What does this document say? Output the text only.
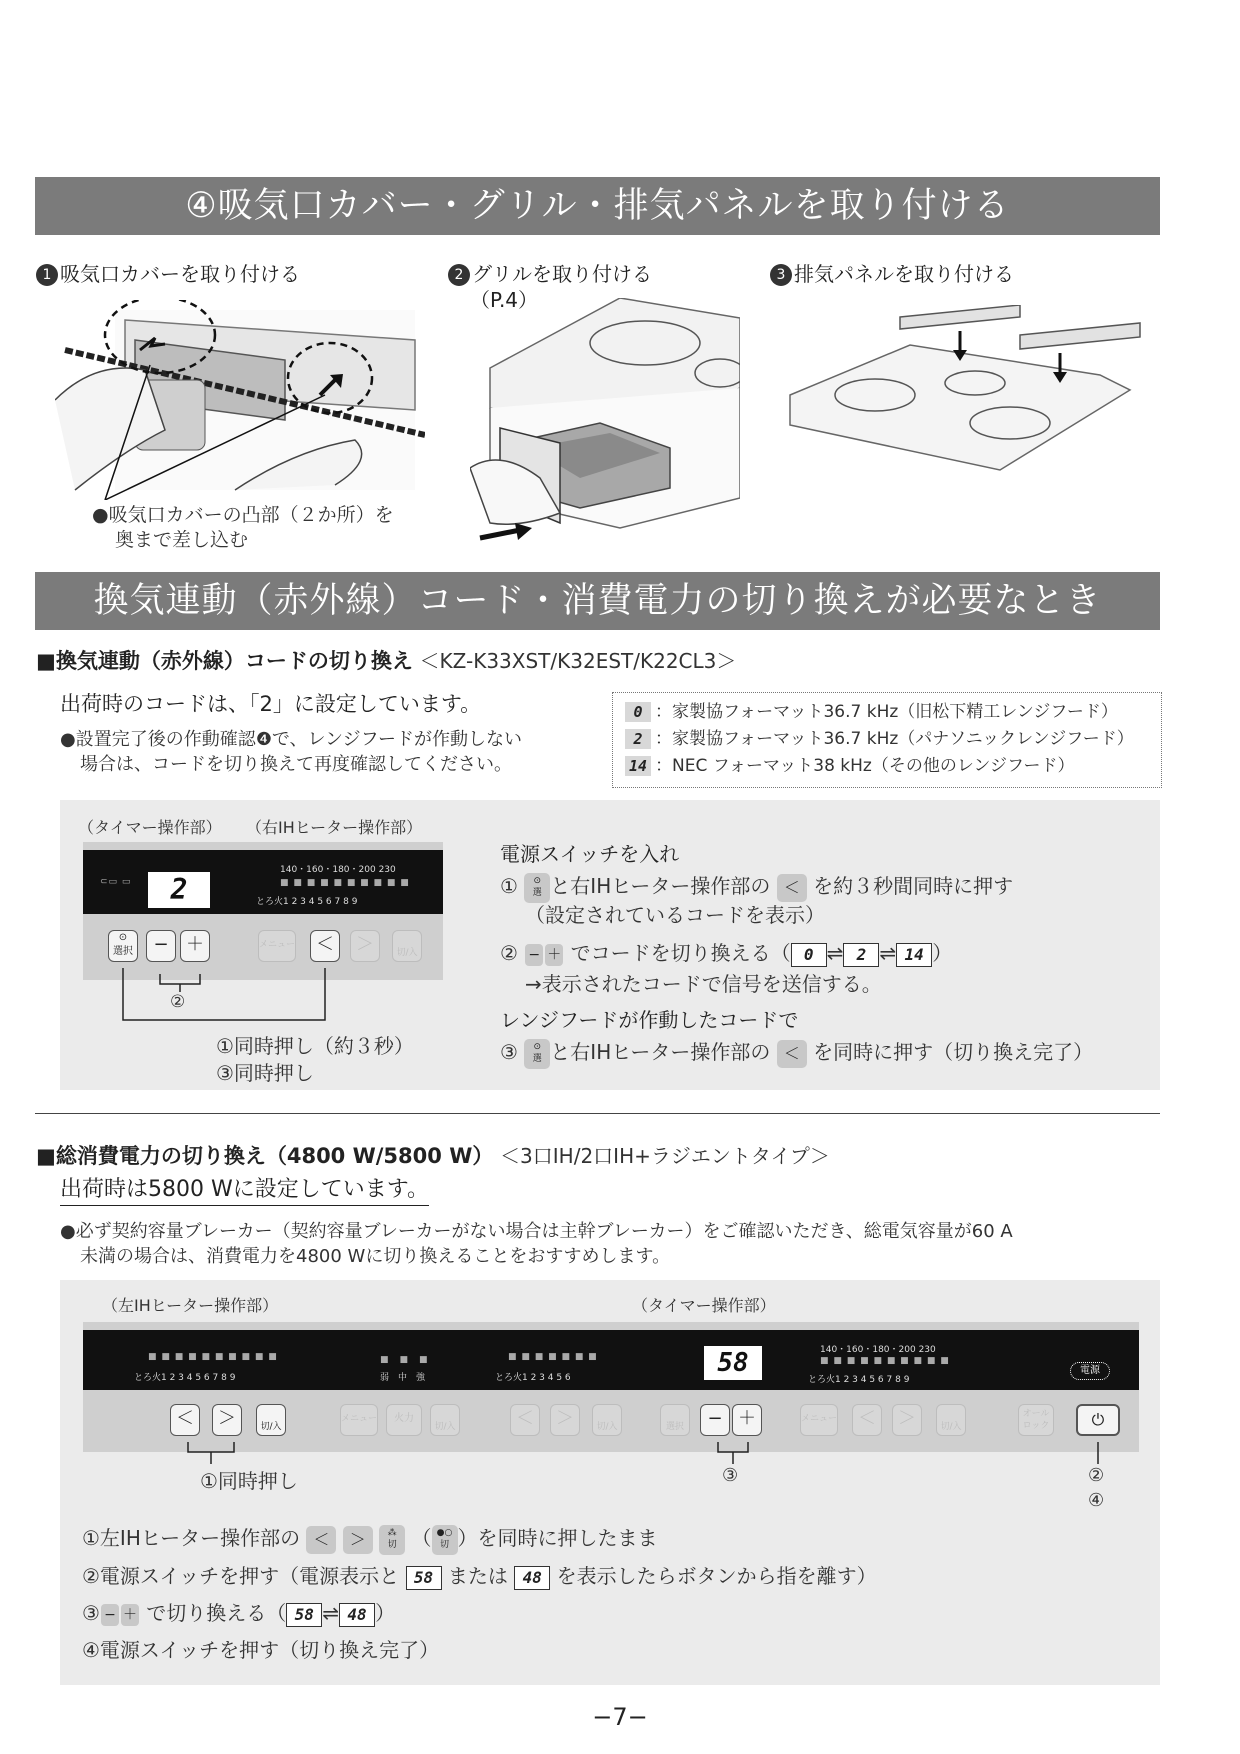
④吸気口カバー・グリル・排気パネルを取り付ける
1 吸気口カバーを取り付ける	2 グリルを取り付ける
（P.4）
3 排気パネルを取り付ける
●吸気口カバーの凸部（２か所）を
奥まで差し込む
換気連動（赤外線）コード・消費電力の切り換えが必要なとき
■換気連動（赤外線）コードの切り換え ＜KZ-K33XST/K32EST/K22CL3＞
出荷時のコードは、「2」に設定しています。
●設置完了後の作動確認❹で、レンジフードが作動しない
場合は、コードを切り換えて再度確認してください。
0 ：家製協フォーマット36.7 kHz（旧松下精工レンジフード）
2 ：家製協フォーマット36.7 kHz（パナソニックレンジフード）
14 ：NEC フォーマット38 kHz（その他のレンジフード）
（タイマー操作部） （右IHヒーター操作部）
2
⊂▭ ▭
140・160・180・200 230
■ ■ ■ ■ ■ ■ ■ ■ ■ ■
とろ火1 2 3 4 5 6 7 8 9
⊙
選択	− ＋	メニュー	＜	＞	切/入
②
①同時押し（約３秒）
③同時押し
電源スイッチを入れ
① ⊙
選 と右IHヒーター操作部の ＜ を約３秒間同時に押す
（設定されているコードを表示）
② − ＋ でコードを切り換える（ 0 ⇌ 2 ⇌ 14 ）
→表示されたコードで信号を送信する。
レンジフードが作動したコードで
③ ⊙
選 と右IHヒーター操作部の ＜ を同時に押す（切り換え完了）
■総消費電力の切り換え（4800 W/5800 W） ＜3口IH/2口IH+ラジエントタイプ＞
出荷時は5800 Wに設定しています。
●必ず契約容量ブレーカー（契約容量ブレーカーがない場合は主幹ブレーカー）をご確認いただき、総電気容量が60 A
未満の場合は、消費電力を4800 Wに切り換えることをおすすめします。
（左IHヒーター操作部）	（タイマー操作部）
■ ■ ■ ■ ■ ■ ■ ■ ■ ■
とろ火1 2 3 4 5 6 7 8 9
■　■　■
弱　中　強
■ ■ ■ ■ ■ ■ ■
とろ火1 2 3 4 5 6	58	140・160・180・200 230
■ ■ ■ ■ ■ ■ ■ ■ ■ ■
とろ火1 2 3 4 5 6 7 8 9
電源
＜	＞	切/入
メニュー	火力
切/入	＜	＞	切/入	選択	− ＋	メニュー	＜	＞	切/入
オール
ロック	⏻
①同時押し	③	②
④
①左IHヒーター操作部の ＜ ＞ ⁂
切 （ ●○
切 ）を同時に押したまま
②電源スイッチを押す（電源表示と 58 または 48 を表示したらボタンから指を離す）
③ − ＋ で切り換える（ 58 ⇌ 48 ）
④電源スイッチを押す（切り換え完了）
−7−
